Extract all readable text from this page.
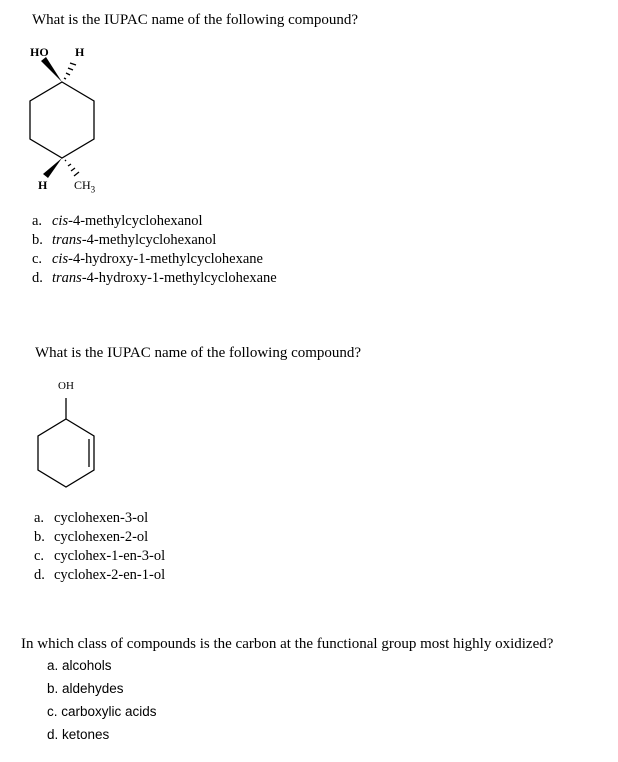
What is the IUPAC name of the following compound?
HO H
H $CH_3$
a. cis-4-methylcyclohexanol
b. trans-4-methylcyclohexanol
c. cis-4-hydroxy-1-methylcyclohexane
d. trans-4-hydroxy-1-methylcyclohexane
What is the IUPAC name of the following compound?
OH
a. cyclohexen-3-ol
b. cyclohexen-2-ol
c. cyclohex-1-en-3-ol
d. cyclohex-2-en-1-ol
In which class of compounds is the carbon at the functional group most highly oxidized?
a. alcohols
b. aldehydes
c. carboxylic acids
d. ketones
